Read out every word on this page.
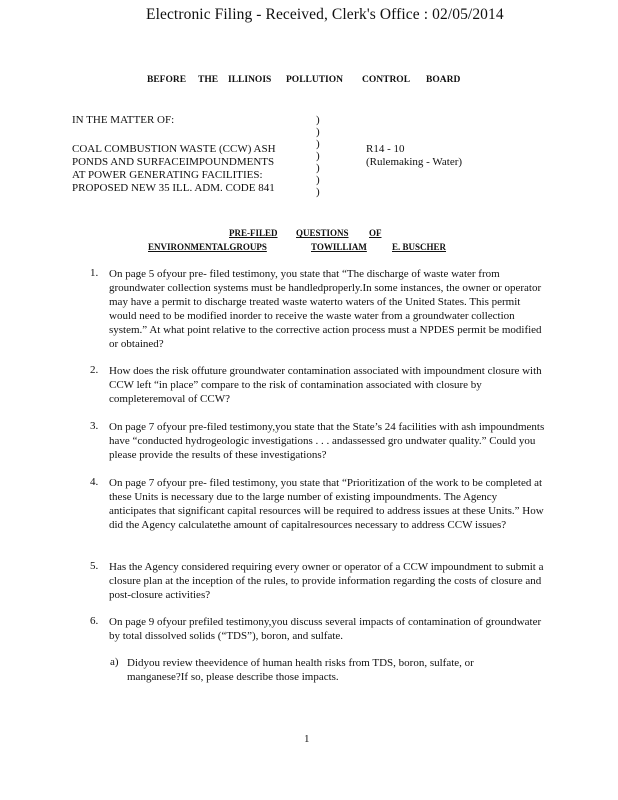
Electronic Filing - Received, Clerk's Office : 02/05/2014
BEFORE THE ILLINOIS POLLUTION CONTROL BOARD
IN THE MATTER OF:
COAL COMBUSTION WASTE (CCW) ASH
PONDS AND SURFACEIMPOUNDMENTS
AT POWER GENERATING FACILITIES:
PROPOSED NEW 35 ILL. ADM. CODE 841
)
)
)
)
)
)
)
R14 - 10
(Rulemaking - Water)
PRE-FILED QUESTIONS OF
ENVIRONMENTALGROUPS	TOWILLIAM	E. BUSCHER
1. On page 5 ofyour pre- filed testimony, you state that “The discharge of waste water from groundwater collection systems must be handledproperly.In some instances, the owner or operator may have a permit to discharge treated waste waterto waters of the United States. This permit would need to be modified inorder to receive the waste water from a groundwater collection system.” At what point relative to the corrective action process must a NPDES permit be modified or obtained?
2. How does the risk offuture groundwater contamination associated with impoundment closure with CCW left “in place” compare to the risk of contamination associated with closure by completeremoval of CCW?
3. On page 7 ofyour pre-filed testimony,you state that the State’s 24 facilities with ash impoundments have “conducted hydrogeologic investigations . . . andassessed gro undwater quality.” Could you please provide the results of these investigations?
4. On page 7 ofyour pre- filed testimony, you state that “Prioritization of the work to be completed at these Units is necessary due to the large number of existing impoundments. The Agency anticipates that significant capital resources will be required to address issues at these Units.” How did the Agency calculatethe amount of capitalresources necessary to address CCW issues?
5. Has the Agency considered requiring every owner or operator of a CCW impoundment to submit a closure plan at the inception of the rules, to provide information regarding the costs of closure and post-closure activities?
6. On page 9 ofyour prefiled testimony,you discuss several impacts of contamination of groundwater by total dissolved solids (“TDS”), boron, and sulfate.
a) Didyou review theevidence of human health risks from TDS, boron, sulfate, or manganese?If so, please describe those impacts.
1
